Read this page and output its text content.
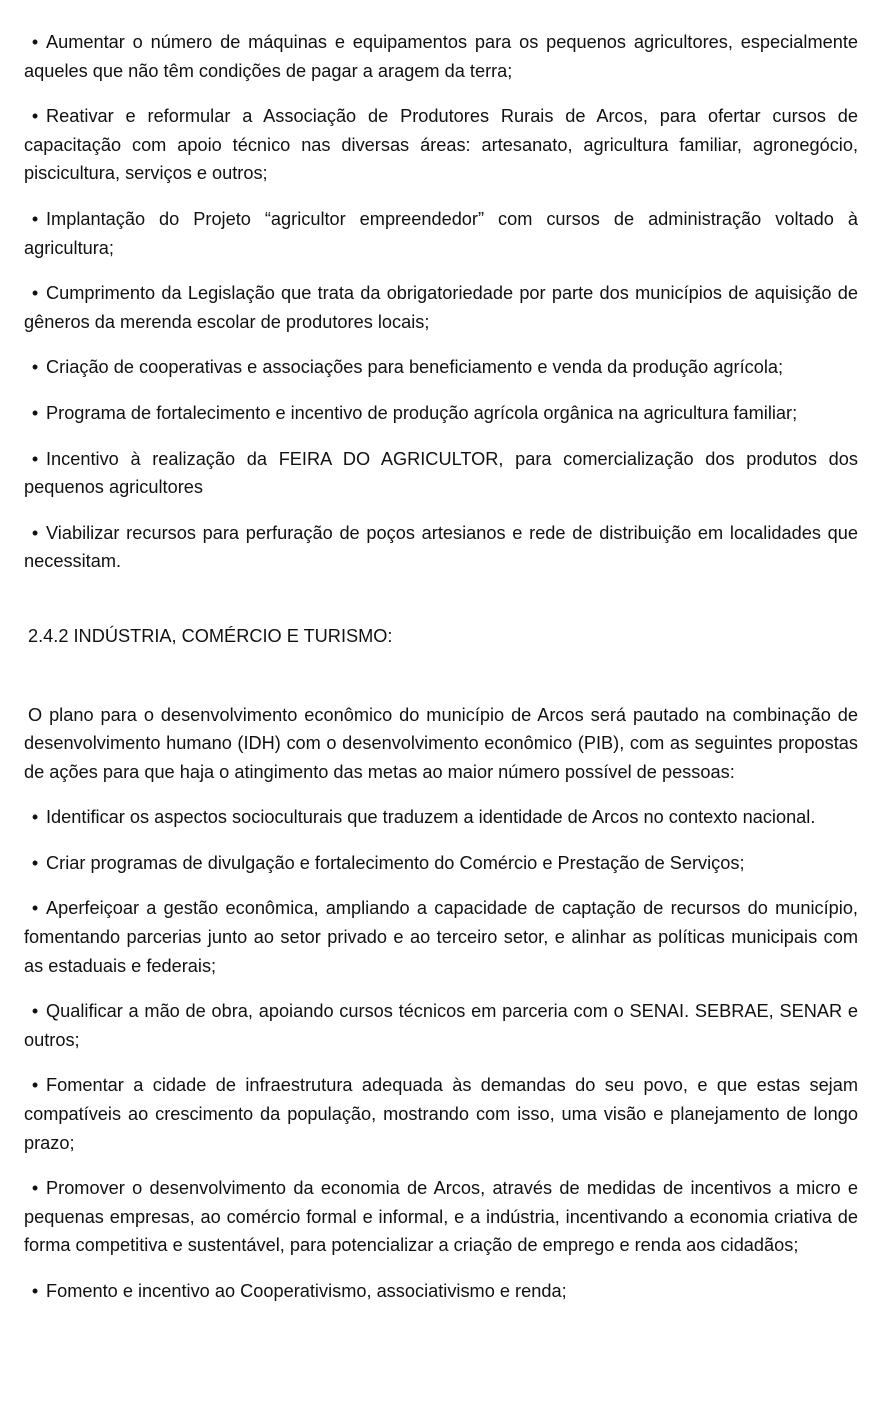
• Aumentar o número de máquinas e equipamentos para os pequenos agricultores, especialmente aqueles que não têm condições de pagar a aragem da terra;

• Reativar e reformular a Associação de Produtores Rurais de Arcos, para ofertar cursos de capacitação com apoio técnico nas diversas áreas: artesanato, agricultura familiar, agronegócio, piscicultura, serviços e outros;

• Implantação do Projeto “agricultor empreendedor” com cursos de administração voltado à agricultura;

• Cumprimento da Legislação que trata da obrigatoriedade por parte dos municípios de aquisição de gêneros da merenda escolar de produtores locais;

• Criação de cooperativas e associações para beneficiamento e venda da produção agrícola;

• Programa de fortalecimento e incentivo de produção agrícola orgânica na agricultura familiar;

• Incentivo à realização da FEIRA DO AGRICULTOR, para comercialização dos produtos dos pequenos agricultores

• Viabilizar recursos para perfuração de poços artesianos e rede de distribuição em localidades que necessitam.

2.4.2 INDÚSTRIA, COMÉRCIO E TURISMO:

O plano para o desenvolvimento econômico do município de Arcos será pautado na combinação de desenvolvimento humano (IDH) com o desenvolvimento econômico (PIB), com as seguintes propostas de ações para que haja o atingimento das metas ao maior número possível de pessoas:

• Identificar os aspectos socioculturais que traduzem a identidade de Arcos no contexto nacional.

• Criar programas de divulgação e fortalecimento do Comércio e Prestação de Serviços;

• Aperfeiçoar a gestão econômica, ampliando a capacidade de captação de recursos do município, fomentando parcerias junto ao setor privado e ao terceiro setor, e alinhar as políticas municipais com as estaduais e federais;

• Qualificar a mão de obra, apoiando cursos técnicos em parceria com o SENAI. SEBRAE, SENAR e outros;

• Fomentar a cidade de infraestrutura adequada às demandas do seu povo, e que estas sejam compatíveis ao crescimento da população, mostrando com isso, uma visão e planejamento de longo prazo;

• Promover o desenvolvimento da economia de Arcos, através de medidas de incentivos a micro e pequenas empresas, ao comércio formal e informal, e a indústria, incentivando a economia criativa de forma competitiva e sustentável, para potencializar a criação de emprego e renda aos cidadãos;

• Fomento e incentivo ao Cooperativismo, associativismo e renda;
